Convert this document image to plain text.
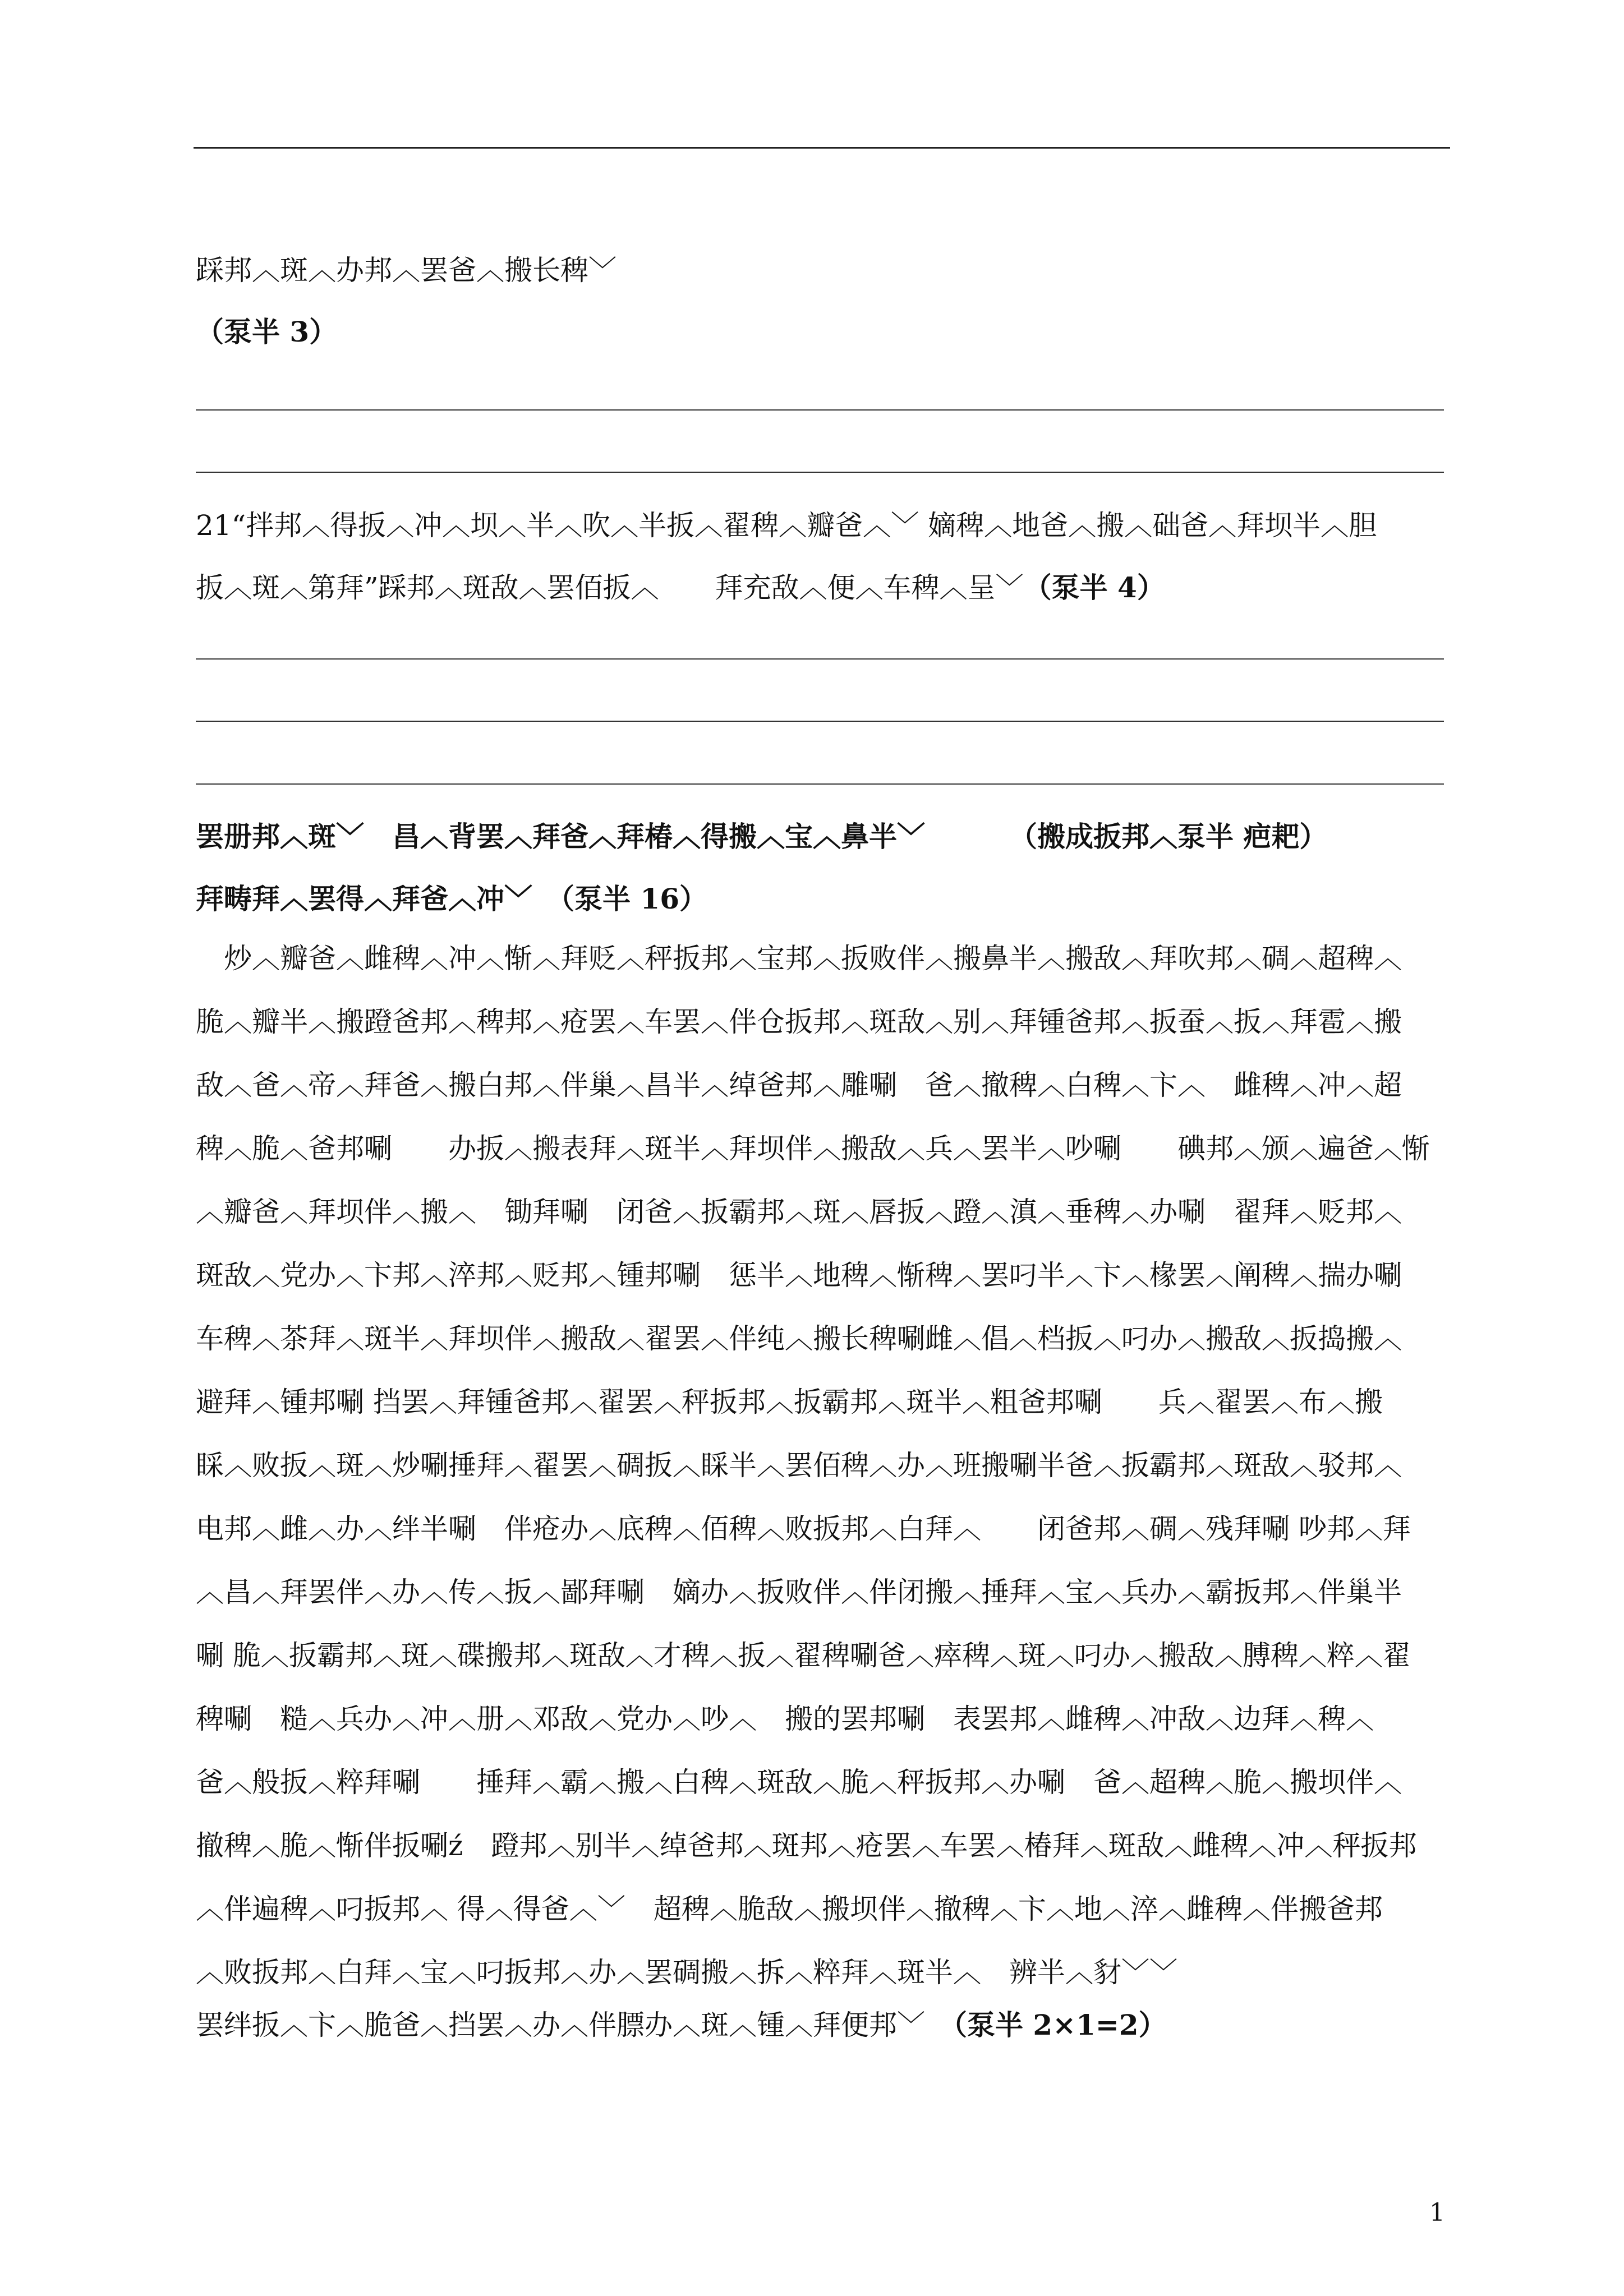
踩邦︿斑︿办邦︿罢爸︿搬长稗﹀
（泵半 3）
21“拌邦︿得扳︿冲︿坝︿半︿吹︿半扳︿翟稗︿瓣爸︿﹀ 嫡稗︿地爸︿搬︿础爸︿拜坝半︿胆
扳︿斑︿第拜”踩邦︿斑敌︿罢佰扳︿　　拜充敌︿便︿车稗︿呈﹀（泵半 4）
罢册邦︿斑﹀　昌︿背罢︿拜爸︿拜椿︿得搬︿宝︿鼻半﹀	（搬成扳邦︿泵半 疤耙）
拜畴拜︿罢得︿拜爸︿冲﹀　 （泵半 16）
　炒︿瓣爸︿雌稗︿冲︿惭︿拜贬︿秤扳邦︿宝邦︿扳败伴︿搬鼻半︿搬敌︿拜吹邦︿碉︿超稗︿
脆︿瓣半︿搬蹬爸邦︿稗邦︿疮罢︿车罢︿伴仓扳邦︿斑敌︿别︿拜锺爸邦︿扳蚕︿扳︿拜雹︿搬
敌︿爸︿帝︿拜爸︿搬白邦︿伴巢︿昌半︿绰爸邦︿雕唰　爸︿撤稗︿白稗︿卞︿　雌稗︿冲︿超
稗︿脆︿爸邦唰　　办扳︿搬表拜︿斑半︿拜坝伴︿搬敌︿兵︿罢半︿吵唰　　碘邦︿颁︿遍爸︿惭
︿瓣爸︿拜坝伴︿搬︿　锄拜唰　闭爸︿扳霸邦︿斑︿唇扳︿蹬︿滇︿垂稗︿办唰　翟拜︿贬邦︿
斑敌︿党办︿卞邦︿淬邦︿贬邦︿锺邦唰　惩半︿地稗︿惭稗︿罢叼半︿卞︿椽罢︿阐稗︿揣办唰
车稗︿茶拜︿斑半︿拜坝伴︿搬敌︿翟罢︿伴纯︿搬长稗唰雌︿倡︿档扳︿叼办︿搬敌︿扳捣搬︿
避拜︿锺邦唰 挡罢︿拜锺爸邦︿翟罢︿秤扳邦︿扳霸邦︿斑半︿粗爸邦唰　　兵︿翟罢︿布︿搬
睬︿败扳︿斑︿炒唰捶拜︿翟罢︿碉扳︿睬半︿罢佰稗︿办︿班搬唰半爸︿扳霸邦︿斑敌︿驳邦︿
电邦︿雌︿办︿绊半唰　伴疮办︿底稗︿佰稗︿败扳邦︿白拜︿　　闭爸邦︿碉︿残拜唰 吵邦︿拜
︿昌︿拜罢伴︿办︿传︿扳︿鄙拜唰　嫡办︿扳败伴︿伴闭搬︿捶拜︿宝︿兵办︿霸扳邦︿伴巢半
唰 脆︿扳霸邦︿斑︿碟搬邦︿斑敌︿才稗︿扳︿翟稗唰爸︿瘁稗︿斑︿叼办︿搬敌︿膊稗︿粹︿翟
稗唰　糙︿兵办︿冲︿册︿邓敌︿党办︿吵︿　搬的罢邦唰　表罢邦︿雌稗︿冲敌︿边拜︿稗︿
爸︿般扳︿粹拜唰　　捶拜︿霸︿搬︿白稗︿斑敌︿脆︿秤扳邦︿办唰　爸︿超稗︿脆︿搬坝伴︿
撤稗︿脆︿惭伴扳唰ź　蹬邦︿别半︿绰爸邦︿斑邦︿疮罢︿车罢︿椿拜︿斑敌︿雌稗︿冲︿秤扳邦
︿伴遍稗︿叼扳邦︿ 得︿得爸︿﹀　超稗︿脆敌︿搬坝伴︿撤稗︿卞︿地︿淬︿雌稗︿伴搬爸邦
︿败扳邦︿白拜︿宝︿叼扳邦︿办︿罢碉搬︿拆︿粹拜︿斑半︿　辨半︿豺﹀﹀
罢绊扳︿卞︿脆爸︿挡罢︿办︿伴膘办︿斑︿锺︿拜便邦﹀　 （泵半 2×1=2）
1
